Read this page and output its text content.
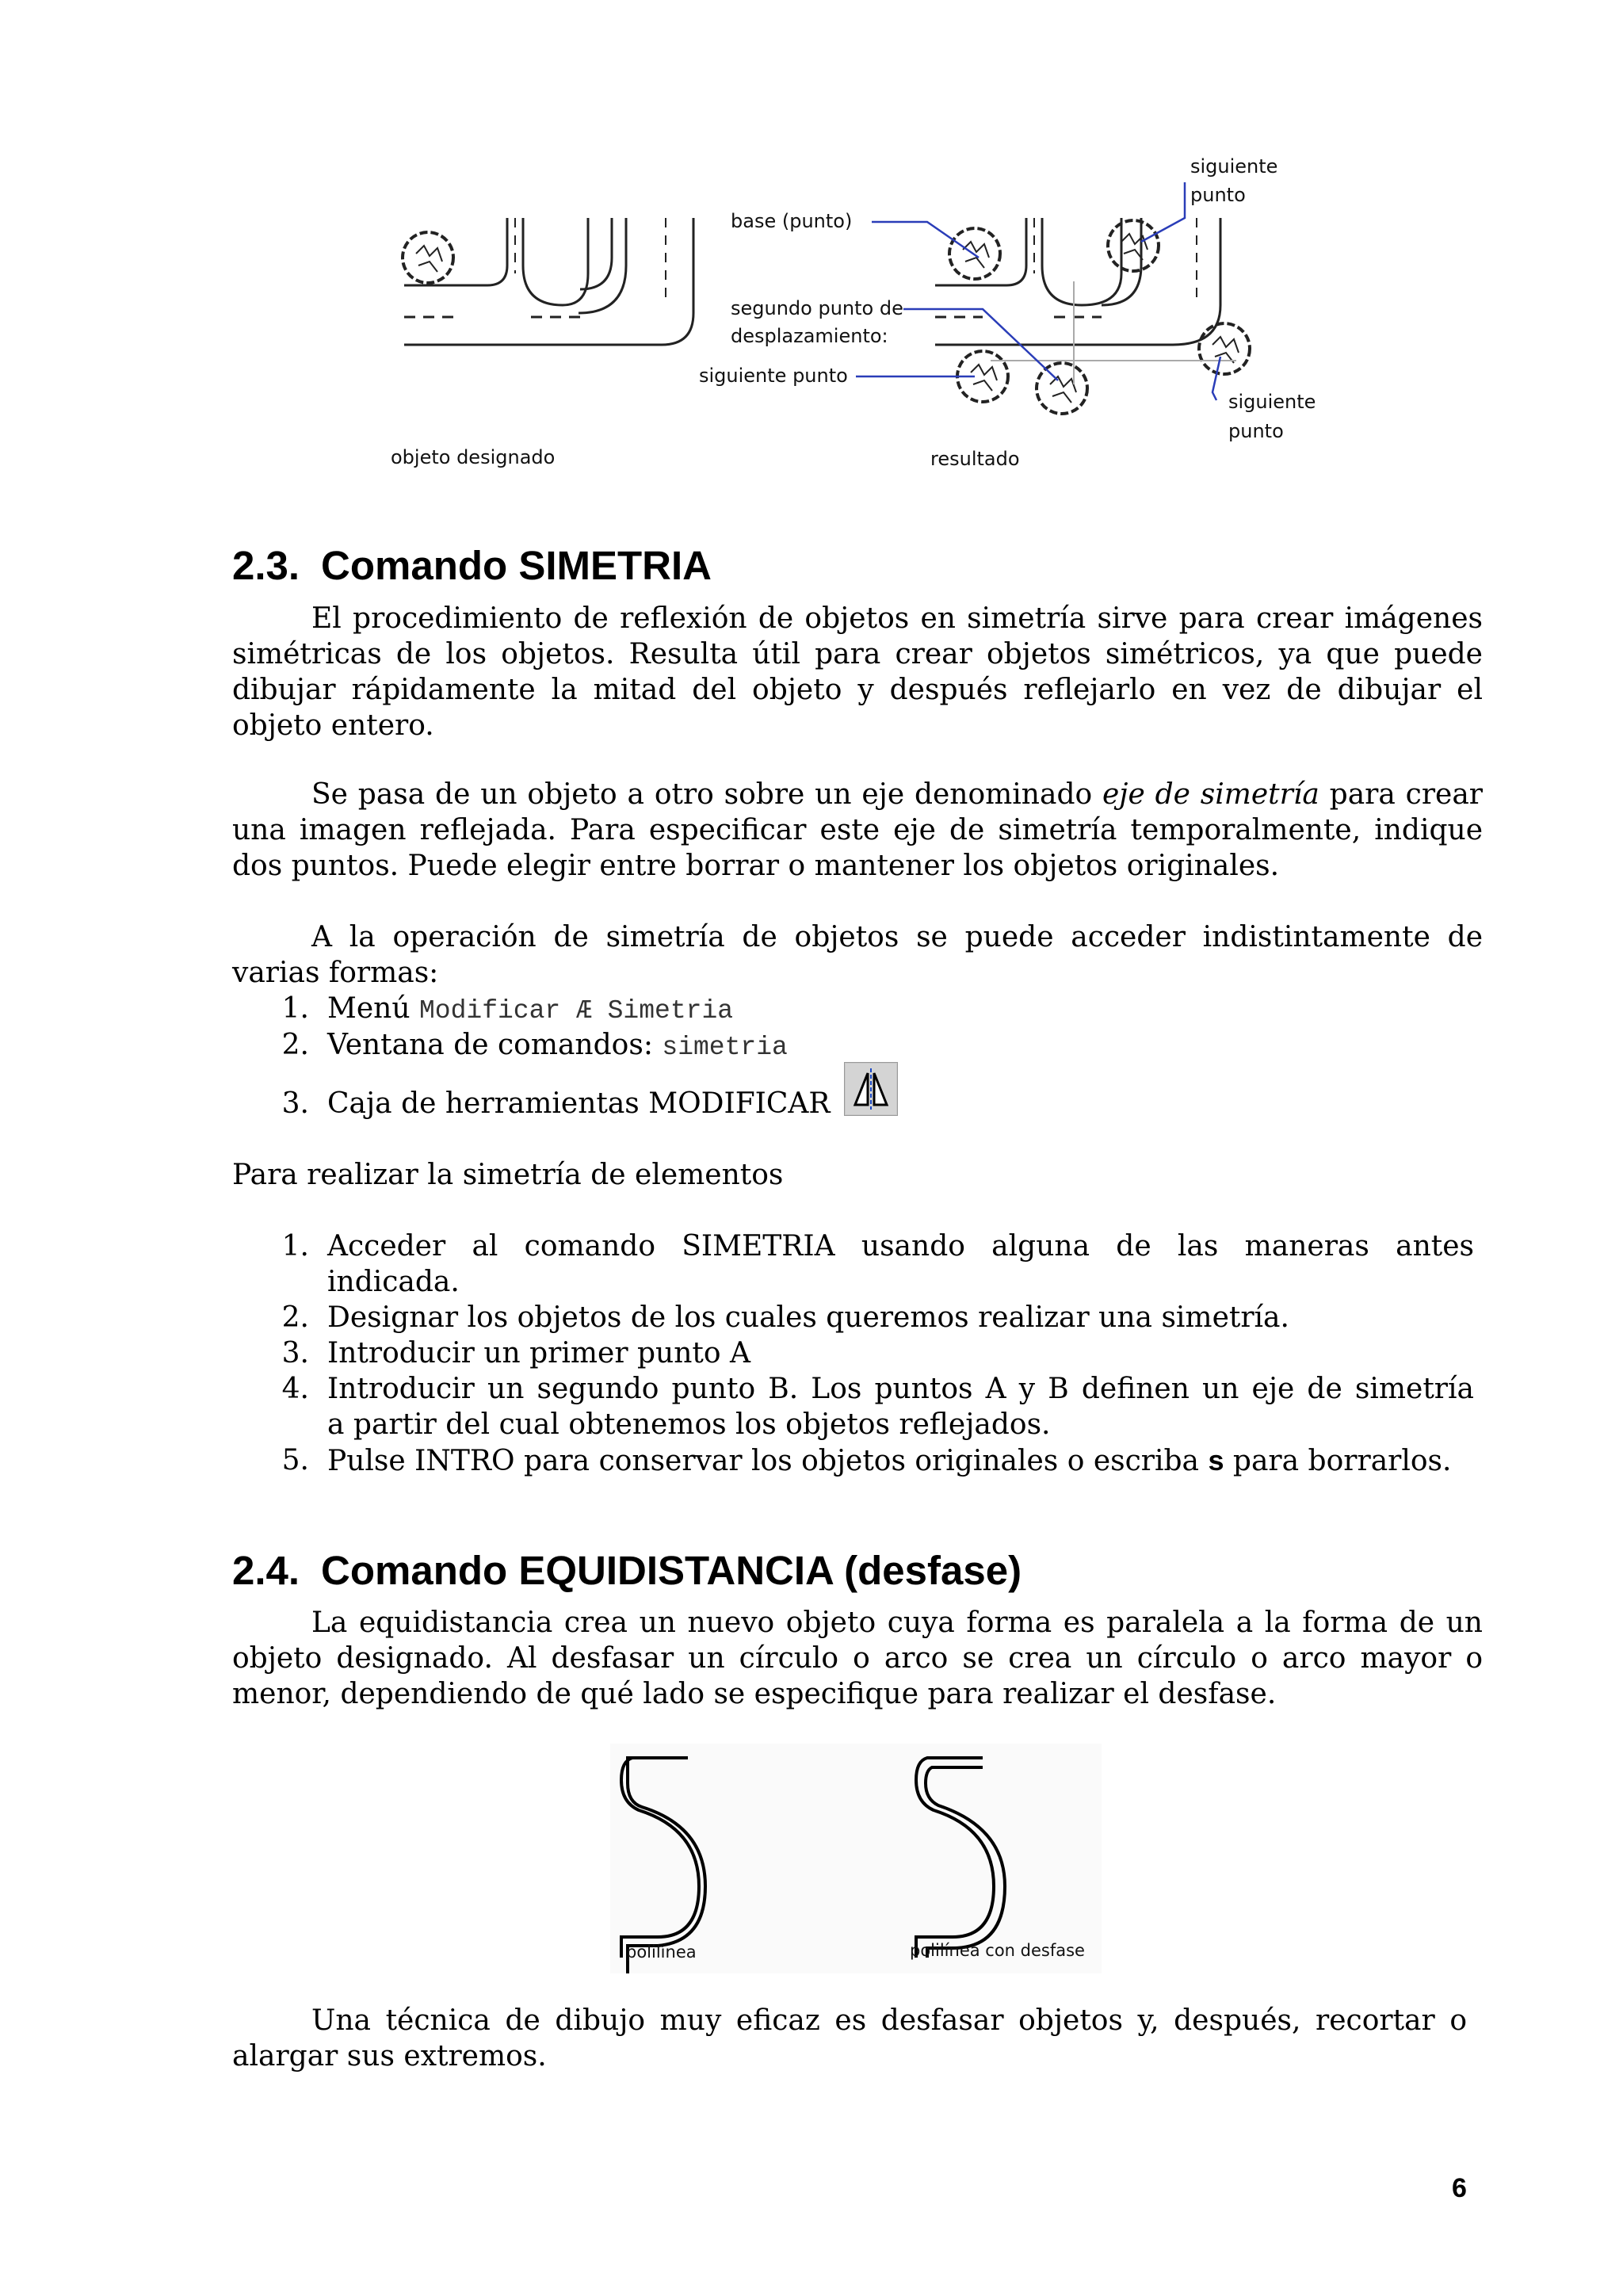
base (punto)
segundo punto de
desplazamiento:
siguiente punto
siguiente
punto
siguiente
punto
objeto designado	resultado
2.3. Comando SIMETRIA

El procedimiento de reflexión de objetos en simetría sirve para crear imágenes simétricas de los objetos. Resulta útil para crear objetos simétricos, ya que puede dibujar rápidamente la mitad del objeto y después reflejarlo en vez de dibujar el objeto entero.

Se pasa de un objeto a otro sobre un eje denominado eje de simetría para crear una imagen reflejada. Para especificar este eje de simetría temporalmente, indique dos puntos. Puede elegir entre borrar o mantener los objetos originales.

A la operación de simetría de objetos se puede acceder indistintamente de varias formas:

1. Menú Modificar Æ Simetria
2. Ventana de comandos: simetria
3. Caja de herramientas MODIFICAR

Para realizar la simetría de elementos

1. Acceder al comando SIMETRIA usando alguna de las maneras antes
indicada.
2. Designar los objetos de los cuales queremos realizar una simetría.
3. Introducir un primer punto A
4. Introducir un segundo punto B. Los puntos A y B definen un eje de simetría
a partir del cual obtenemos los objetos reflejados.
5. Pulse INTRO para conservar los objetos originales o escriba s para borrarlos.
2.4. Comando EQUIDISTANCIA (desfase)

La equidistancia crea un nuevo objeto cuya forma es paralela a la forma de un objeto designado. Al desfasar un círculo o arco se crea un círculo o arco mayor o menor, dependiendo de qué lado se especifique para realizar el desfase.

polilínea	polilínea con desfase

Una técnica de dibujo muy eficaz es desfasar objetos y, después, recortar o alargar sus extremos.

6
